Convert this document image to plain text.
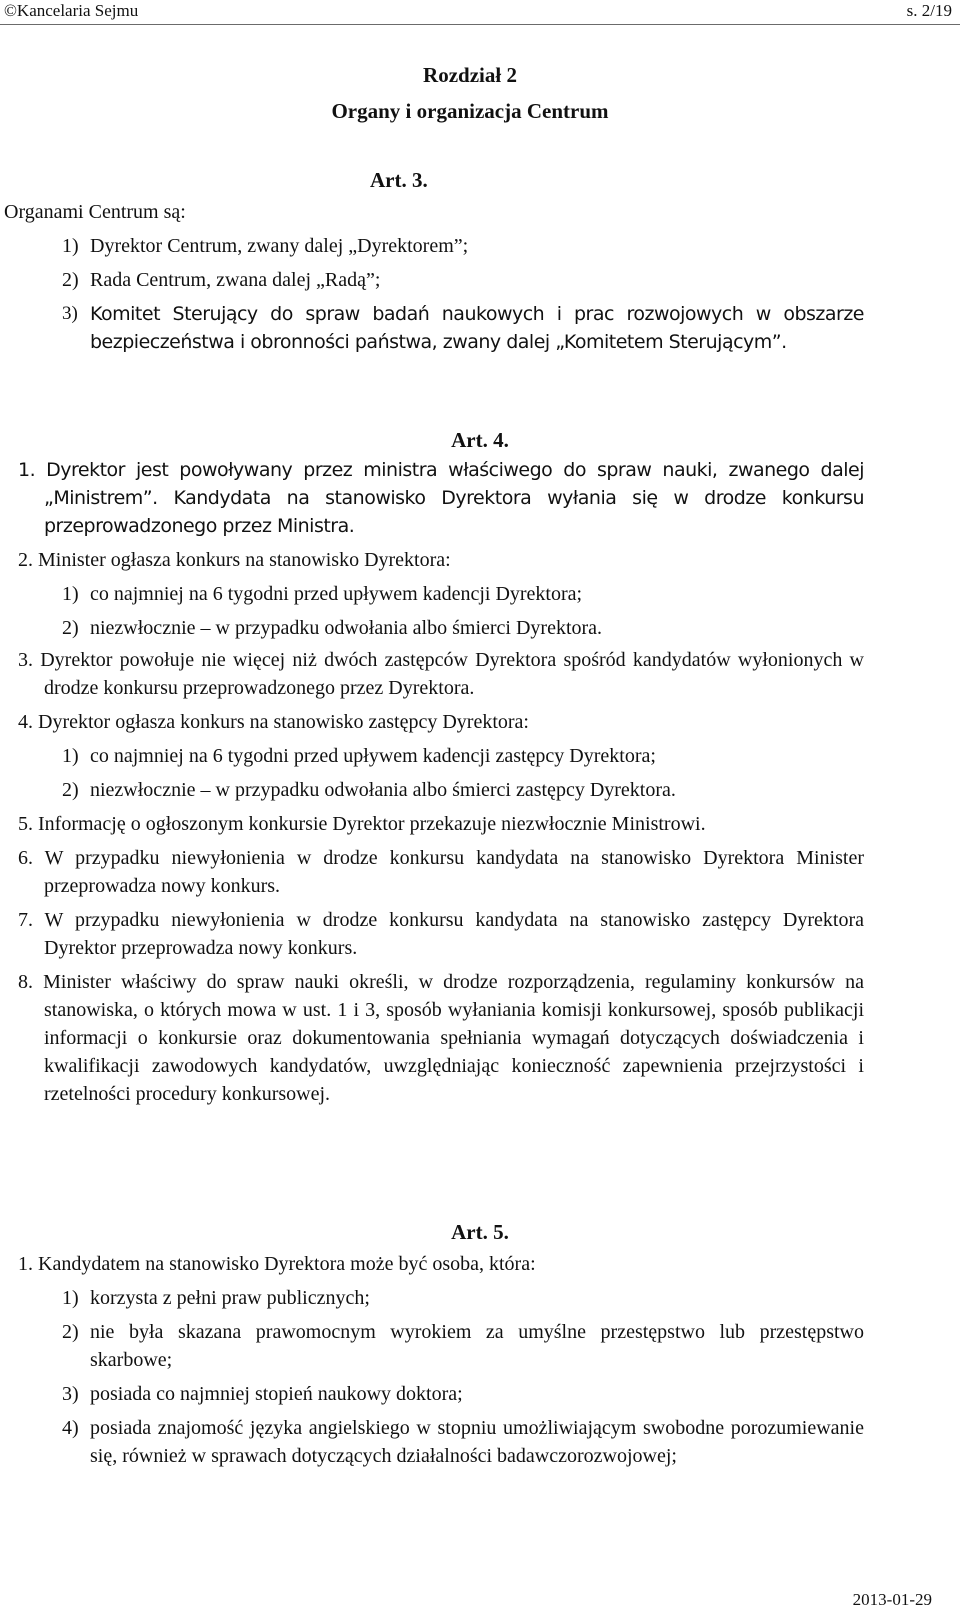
©Kancelaria Sejmu	s. 2/19
Rozdział 2
Organy i organizacja Centrum
Art. 3.
Organami Centrum są:
1) Dyrektor Centrum, zwany dalej „Dyrektorem”;
2) Rada Centrum, zwana dalej „Radą”;
3) Komitet Sterujący do spraw badań naukowych i prac rozwojowych w obszarze bezpieczeństwa i obronności państwa, zwany dalej „Komitetem Sterującym”.
Art. 4.
1. Dyrektor jest powoływany przez ministra właściwego do spraw nauki, zwanego dalej „Ministrem”. Kandydata na stanowisko Dyrektora wyłania się w drodze konkursu przeprowadzonego przez Ministra.
2. Minister ogłasza konkurs na stanowisko Dyrektora:
1) co najmniej na 6 tygodni przed upływem kadencji Dyrektora;
2) niezwłocznie – w przypadku odwołania albo śmierci Dyrektora.
3. Dyrektor powołuje nie więcej niż dwóch zastępców Dyrektora spośród kandydatów wyłonionych w drodze konkursu przeprowadzonego przez Dyrektora.
4. Dyrektor ogłasza konkurs na stanowisko zastępcy Dyrektora:
1) co najmniej na 6 tygodni przed upływem kadencji zastępcy Dyrektora;
2) niezwłocznie – w przypadku odwołania albo śmierci zastępcy Dyrektora.
5. Informację o ogłoszonym konkursie Dyrektor przekazuje niezwłocznie Ministrowi.
6. W przypadku niewyłonienia w drodze konkursu kandydata na stanowisko Dyrektora Minister przeprowadza nowy konkurs.
7. W przypadku niewyłonienia w drodze konkursu kandydata na stanowisko zastępcy Dyrektora Dyrektor przeprowadza nowy konkurs.
8. Minister właściwy do spraw nauki określi, w drodze rozporządzenia, regulaminy konkursów na stanowiska, o których mowa w ust. 1 i 3, sposób wyłaniania komisji konkursowej, sposób publikacji informacji o konkursie oraz dokumentowania spełniania wymagań dotyczących doświadczenia i kwalifikacji zawodowych kandydatów, uwzględniając konieczność zapewnienia przejrzystości i rzetelności procedury konkursowej.
Art. 5.
1. Kandydatem na stanowisko Dyrektora może być osoba, która:
1) korzysta z pełni praw publicznych;
2) nie była skazana prawomocnym wyrokiem za umyślne przestępstwo lub przestępstwo skarbowe;
3) posiada co najmniej stopień naukowy doktora;
4) posiada znajomość języka angielskiego w stopniu umożliwiającym swobodne porozumiewanie się, również w sprawach dotyczących działalności badawczorozwojowej;
2013-01-29
